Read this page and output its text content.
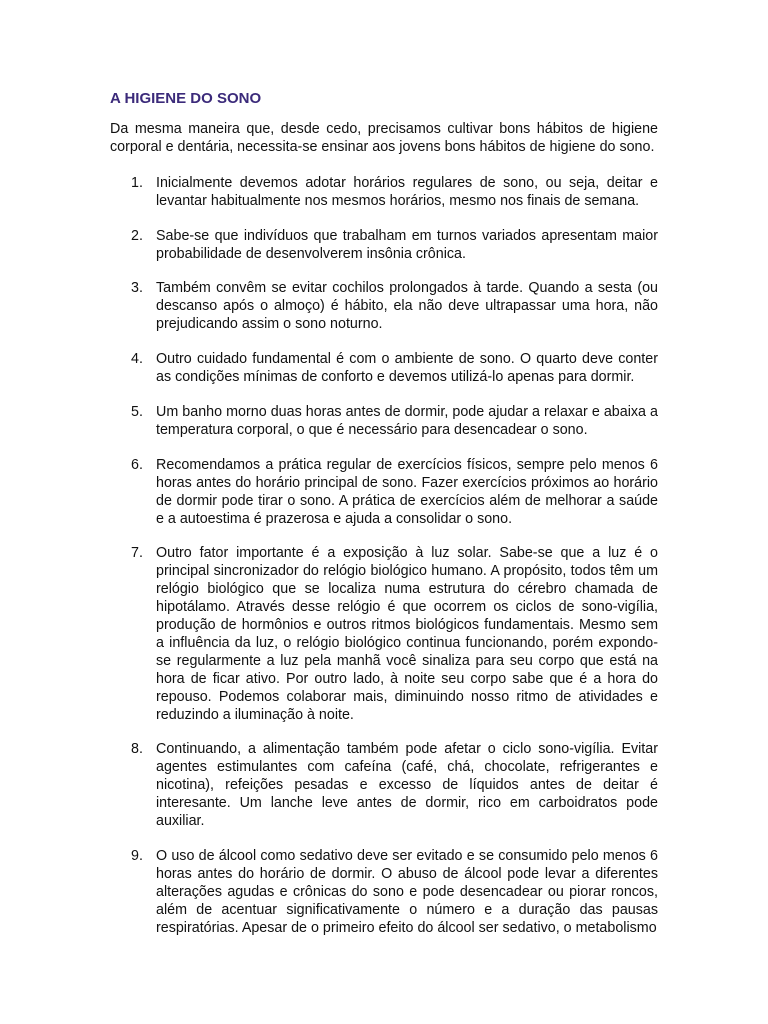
A HIGIENE DO SONO

Da mesma maneira que, desde cedo, precisamos cultivar bons hábitos de higiene corporal e dentária, necessita-se ensinar aos jovens bons hábitos de higiene do sono.

1. Inicialmente devemos adotar horários regulares de sono, ou seja, deitar e levantar habitualmente nos mesmos horários, mesmo nos finais de semana.
2. Sabe-se que indivíduos que trabalham em turnos variados apresentam maior probabilidade de desenvolverem insônia crônica.
3. Também convêm se evitar cochilos prolongados à tarde. Quando a sesta (ou descanso após o almoço) é hábito, ela não deve ultrapassar uma hora, não prejudicando assim o sono noturno.
4. Outro cuidado fundamental é com o ambiente de sono. O quarto deve conter as condições mínimas de conforto e devemos utilizá-lo apenas para dormir.
5. Um banho morno duas horas antes de dormir, pode ajudar a relaxar e abaixa a temperatura corporal, o que é necessário para desencadear o sono.
6. Recomendamos a prática regular de exercícios físicos, sempre pelo menos 6 horas antes do horário principal de sono. Fazer exercícios próximos ao horário de dormir pode tirar o sono. A prática de exercícios além de melhorar a saúde e a autoestima é prazerosa e ajuda a consolidar o sono.
7. Outro fator importante é a exposição à luz solar. Sabe-se que a luz é o principal sincronizador do relógio biológico humano. A propósito, todos têm um relógio biológico que se localiza numa estrutura do cérebro chamada de hipotálamo. Através desse relógio é que ocorrem os ciclos de sono-vigília, produção de hormônios e outros ritmos biológicos fundamentais. Mesmo sem a influência da luz, o relógio biológico continua funcionando, porém expondo-se regularmente a luz pela manhã você sinaliza para seu corpo que está na hora de ficar ativo. Por outro lado, à noite seu corpo sabe que é a hora do repouso. Podemos colaborar mais, diminuindo nosso ritmo de atividades e reduzindo a iluminação à noite.
8. Continuando, a alimentação também pode afetar o ciclo sono-vigília. Evitar agentes estimulantes com cafeína (café, chá, chocolate, refrigerantes e nicotina), refeições pesadas e excesso de líquidos antes de deitar é interesante. Um lanche leve antes de dormir, rico em carboidratos pode auxiliar.
9. O uso de álcool como sedativo deve ser evitado e se consumido pelo menos 6 horas antes do horário de dormir. O abuso de álcool pode levar a diferentes alterações agudas e crônicas do sono e pode desencadear ou piorar roncos, além de acentuar significativamente o número e a duração das pausas respiratórias. Apesar de o primeiro efeito do álcool ser sedativo, o metabolismo
